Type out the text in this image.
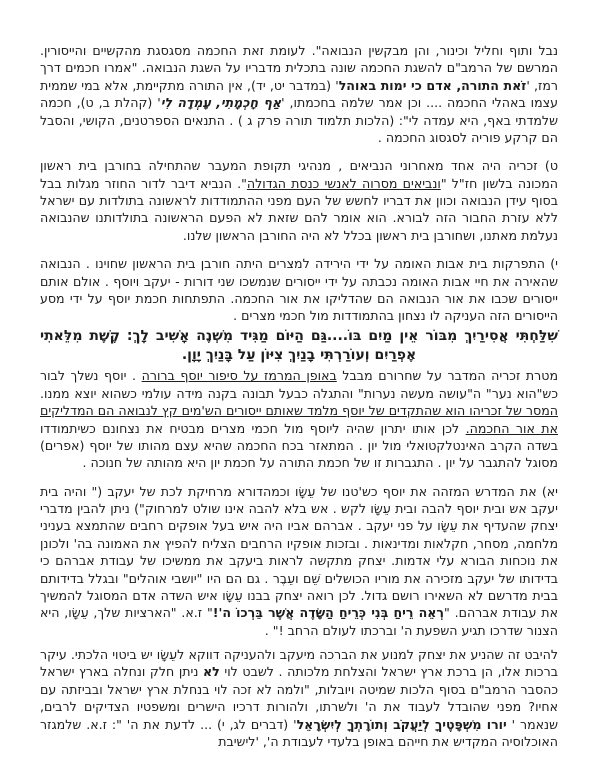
נבל ותוף וחליל וכינור, והן מבקשין הנבואה". לעומת זאת החכמה מסגסגת מהקשיים והייסורין. המרשם של הרמב"ם להשגת החכמה שונה בתכלית מדבריו על השגת הנבואה. "אמרו חכמים דרך רמז, 'זֹאת התורה, אדם כי ימות באוהל' (במדבר יט, יד), אין התורה מתקיימת, אלא במי שממית עצמו באהלי החכמה .... וכן אמר שלמה בחכמתו, 'אַף חָכְמָתִי, עָמְדָה לִי' (קהלת ב, ט), חכמה שלמדתי באף, היא עמדה לי": (הלכות תלמוד תורה פרק ג ) . התנאים הספרטנים, הקושי, והסבל הם קרקע פוריה לסגסוג החכמה .

ט) זכריה היה אחד מאחרוני הנביאים , מנהיגי תקופת המעבר שהתחילה בחורבן בית ראשון המכונה בלשון חז"ל "ונביאים מסרוה לאנשי כנסת הגדולה". הנביא דיבר לדור החוזר מגלות בבל בסוף עידן הנבואה וכוון את דבריו לחשש של העם מפני ההתמודדות לראשונה בתולדות עם ישראל ללא עזרת החבור הזה לבורא. הוא אומר להם שזאת לא הפעם הראשונה בתולדותנו שהנבואה נעלמת מאתנו, ושחורבן בית ראשון בכלל לא היה החורבן הראשון שלנו.

י) התפרקות בית אבות האומה על ידי הירידה למצרים היתה חורבן בית הראשון שחוינו . הנבואה שהאירה את חיי אבות האומה נכבתה על ידי ייסורים שנמשכו שני דורות - יעקב ויוסף . אולם אותם ייסורים שכבו את אור הנבואה הם שהדליקו את אור החכמה. התפתחות חכמת יוסף על ידי מסע הייסורים הזה העניקה לו נצחון בהתמודדות מול חכמי מצרים .

שִׁלַּחְתִּי אֲסִירַיִךְ מִבּוֹר אֵין מַיִם בּוֹ....גַּם הַיּוֹם מַגִּיד מִשְׁנֶה אָשִׁיב לָךְ: קֶשֶׁת מִלֵּאתִי אֶפְרַיִם וְעוֹרַרְתִּי בָנַיִךְ צִיּוֹן עַל בָּנַיִךְ יָוָן.

מטרת זכריה המדבר על שחרורם מבבל באופן המרמז על סיפור יוסף ברורה . יוסף נשלך לבור כש"הוא נער" ה"עושה מעשה נערות" והתגלה כבעל תבונה בקנה מידה עולמי כשהוא יוצא ממנו. המסר של זכריהו הוא שהתקדים של יוסף מלמד שאותם ייסורים הש'מים קץ לנבואה הם המדליקים את אור החכמה. לכן אותו יתרון שהיה ליוסף מול חכמי מצרים מבטיח את נצחונם כשיתמודדו בשדה הקרב האינטלקטואלי מול יון . המתאזר בכח החכמה שהיא עצם מהותו של יוסף (אפרים) מסוגל להתגבר על יון . התגברות זו של חכמת התורה על חכמת יון היא מהותה של חנוכה .

יא) את המדרש המזהה את יוסף כש'טנו של עֵשָׂו וכמהדורא מרחיקת לכת של יעקב (" והיה בית יעקב אש ובית יוסף להבה ובית עֵשָׂו לקש . אש בלא להבה אינו שולט למרחוק") ניתן להבין מדברי יצחק שהעדיף את עֵשָׂו על פני יעקב . אברהם אביו היה איש בעל אופקים רחבים שהתמצא בעניני מלחמה, מסחר, חקלאות ומדינאות . ובזכות אופקיו הרחבים הצליח להפיץ את האמונה בה' ולכונן את נוכחות הבורא עלי אדמות. יצחק מתקשה לראות ביעקב את ממשיכו של עבודת אברהם כי בדידותו של יעקב מזכירה את מוריו הכושלים שֵׁם ועֵבֶר . גם הם היו "יושבי אוהלים" ובגלל בדידותם בבית מדרשם לא השאירו רושם גדול. לכן רואה יצחק בבנו עֵשָׂו איש השדה אדם המסוגל להמשיך את עבודת אברהם. "רְאֵה רֵיחַ בְּנִי כְּרֵיחַ הַשָּׂדֶה אֲשֶׁר בֵּרְכוֹ ה'!" ז.א. "הארציות שלך, עֵשָׂו, היא הצנור שדרכו תגיע השפעת ה' וברכתו לעולם הרחב !" .

להיבט זה שהניע את יצחק למנוע את הברכה מיעקב ולהעניקה דווקא לעֵשָׂו יש ביטוי הלכתי. עיקר ברכות אלו, הן ברכת ארץ ישראל והצלחת מלכותה . לשבט לוי לא ניתן חלק ונחלה בארץ ישראל כהסבר הרמב"ם בסוף הלכות שמיטה ויובלות, "ולמה לא זכה לוי בנחלת ארץ ישראל ובביזתה עם אחיו? מפני שהובדל לעבוד את ה' ולשרתו, ולהורות דרכיו הישרים ומשפטיו הצדיקים לרבים, שנאמר ' יורו מִשְׁפָּטֶיךָ לְיַעֲקֹב וְתוֹרָתְךָ לְיִשְׂרָאֵל' (דברים לג, י) ... לדעת את ה' ": ז.א. שלמגזר האוכלוסיה המקדיש את חייהם באופן בלעדי לעבודת ה', 'לישיבת
